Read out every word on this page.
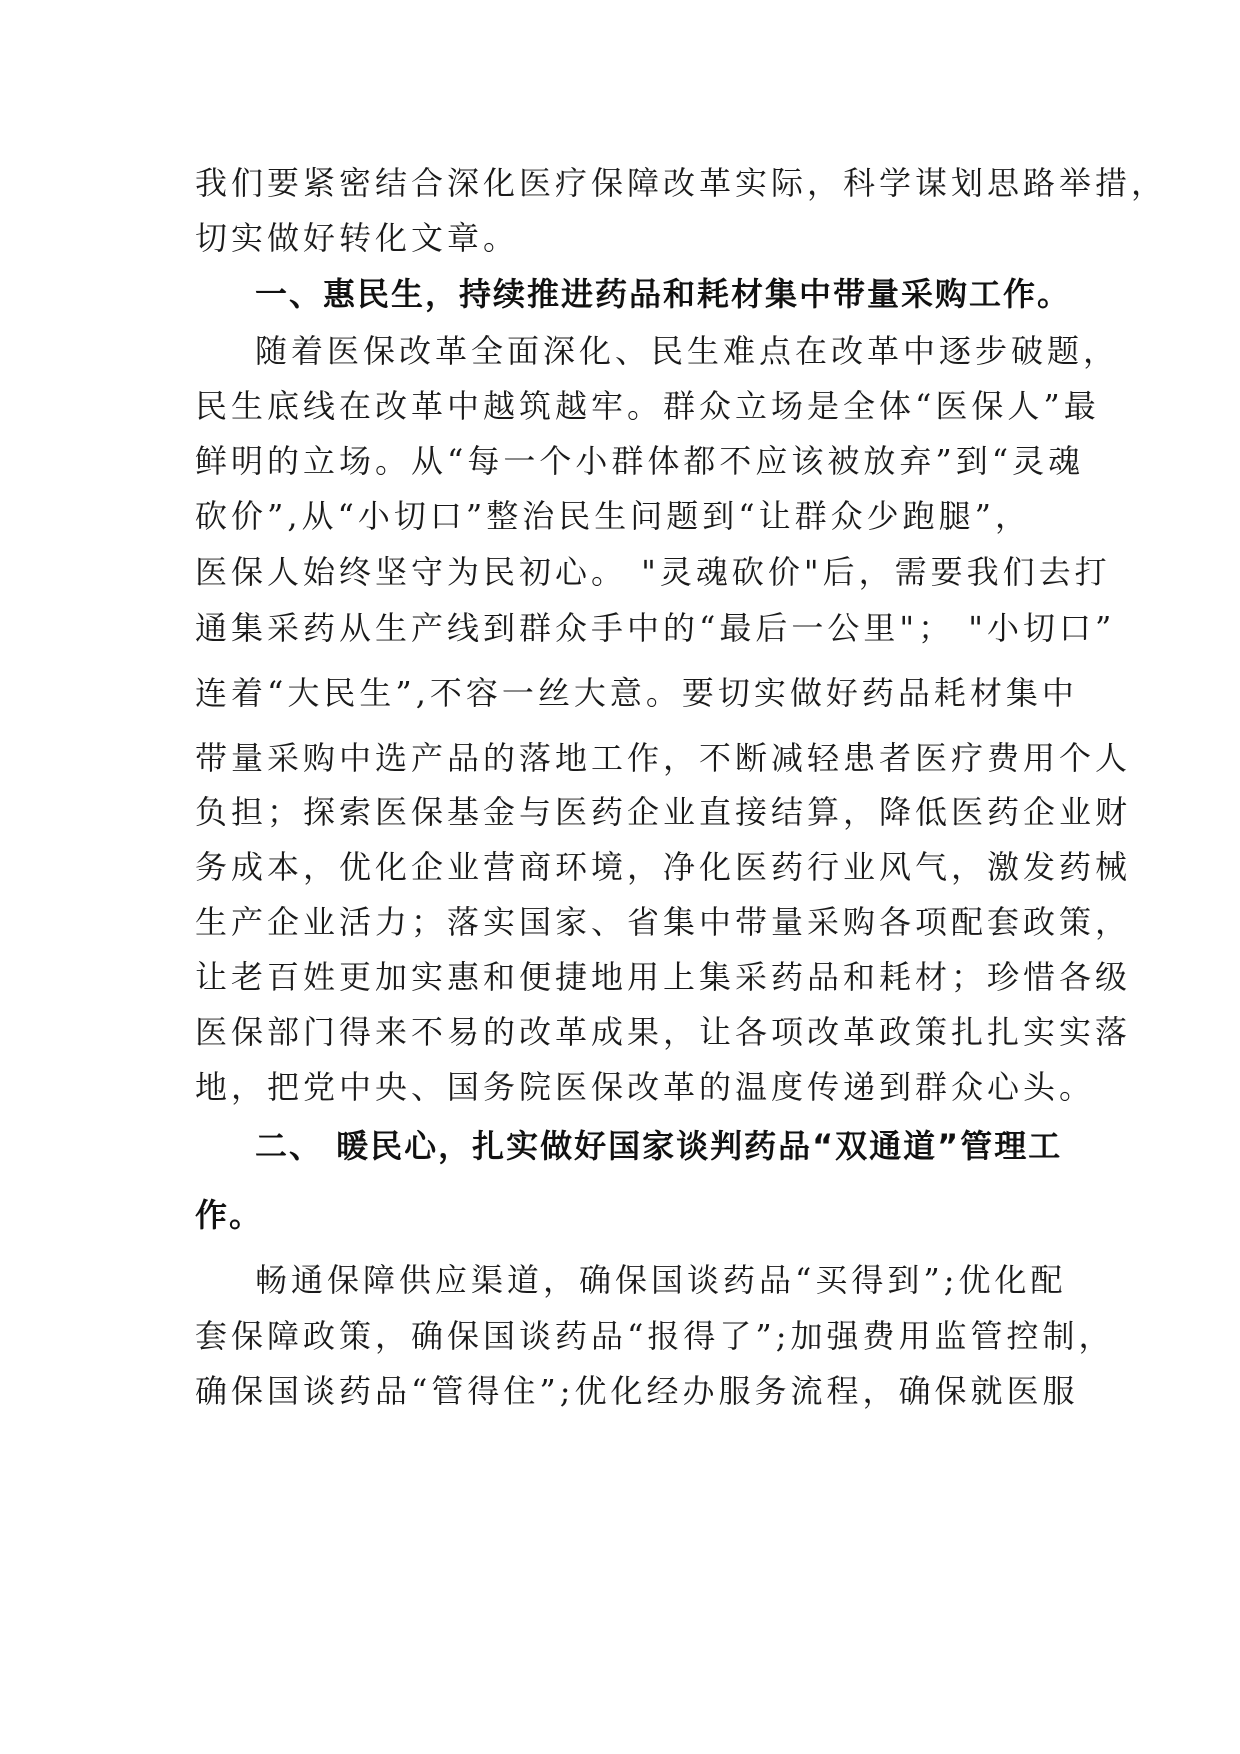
我们要紧密结合深化医疗保障改革实际，科学谋划思路举措，
切实做好转化文章。
一、惠民生，持续推进药品和耗材集中带量采购工作。
随着医保改革全面深化、民生难点在改革中逐步破题，
民生底线在改革中越筑越牢。群众立场是全体“医保人”最
鲜明的立场。从“每一个小群体都不应该被放弃”到“灵魂
砍价”,从“小切口”整治民生问题到“让群众少跑腿”，
医保人始终坚守为民初心。 "灵魂砍价"后，需要我们去打
通集采药从生产线到群众手中的“最后一公里"； "小切口”
连着“大民生”,不容一丝大意。要切实做好药品耗材集中
带量采购中选产品的落地工作，不断减轻患者医疗费用个人
负担；探索医保基金与医药企业直接结算，降低医药企业财
务成本，优化企业营商环境，净化医药行业风气，激发药械
生产企业活力；落实国家、省集中带量采购各项配套政策，
让老百姓更加实惠和便捷地用上集采药品和耗材；珍惜各级
医保部门得来不易的改革成果，让各项改革政策扎扎实实落
地，把党中央、国务院医保改革的温度传递到群众心头。
二、 暖民心，扎实做好国家谈判药品“双通道”管理工
作。
畅通保障供应渠道，确保国谈药品“买得到”;优化配
套保障政策，确保国谈药品“报得了”;加强费用监管控制，
确保国谈药品“管得住”;优化经办服务流程，确保就医服
